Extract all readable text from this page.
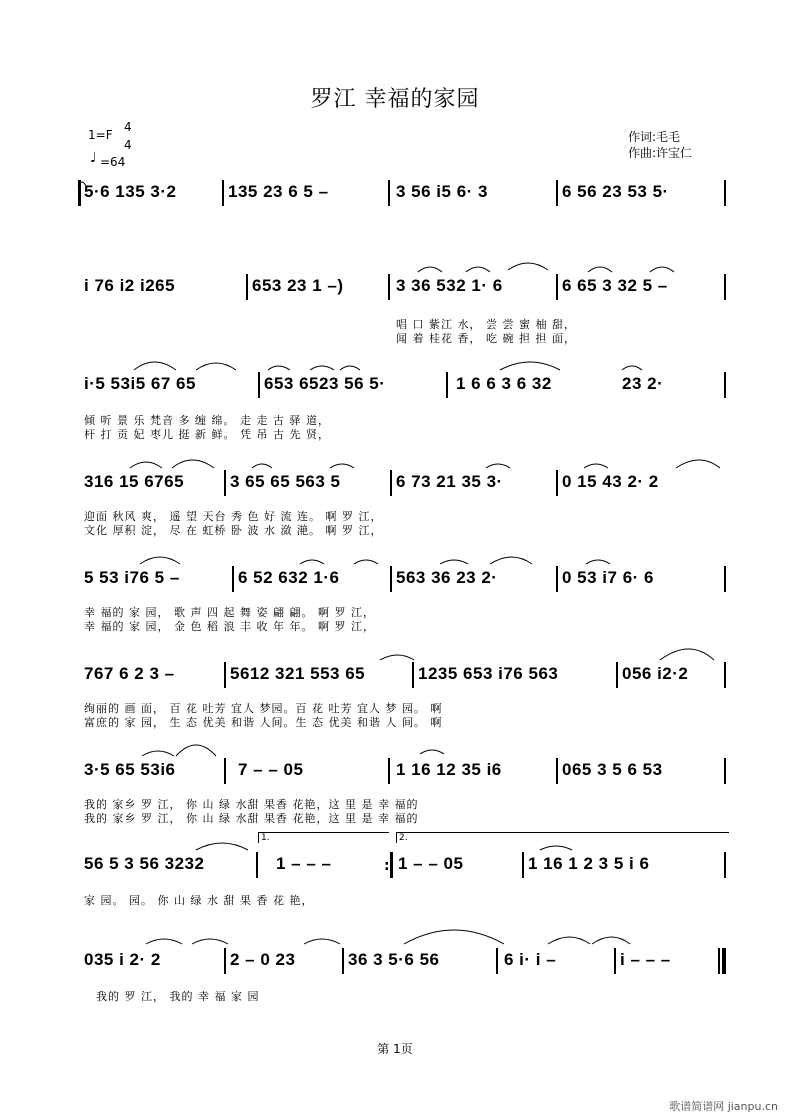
罗江 幸福的家园
1=F
4
4
♩ =64
作词:毛毛
作曲:许宝仁
5·6 135 3·2	135 23 6 5 –	3 56 i5 6· 3	6 56 23 53 5·
i 76 i2 i265	653 23 1 –)	3 36 532 1· 6	6 65 3 32 5 –
唱 口 紫江 水， 尝 尝 蜜 柚 甜，
闻 着 桂花 香， 吃 碗 担 担 面，
i·5 53i5 67 65	653 6523 56 5·	1 6 6 3 6 32	23 2·
倾 听 景 乐 梵音 多 缠 绵。 走 走 古 驿 道，
杆 打 贡 妃 枣儿 挺 新 鲜。 凭 吊 古 先 贤，
316 15 6765	3 65 65 563 5	6 73 21 35 3·	0 15 43 2· 2
迎面 秋风 爽， 遥 望 天台 秀 色 好 流 连。 啊 罗 江，
文化 厚积 淀， 尽 在 虹桥 卧 波 水 潋 滟。 啊 罗 江，
5 53 i76 5 –	6 52 632 1·6	563 36 23 2·	0 53 i7 6· 6
幸 福的 家 园， 歌 声 四 起 舞 姿 翩 翩。 啊 罗 江，
幸 福的 家 园， 金 色 稻 浪 丰 收 年 年。 啊 罗 江，
767 6 2 3 –	5612 321 553 65	1235 653 i76 563	056 i2·2
绚丽的 画 面， 百 花 吐芳 宜人 梦园。百 花 吐芳 宜人 梦 园。 啊
富庶的 家 园， 生 态 优美 和谐 人间。生 态 优美 和谐 人 间。 啊
3·5 65 53i6	7 – – 05	1 16 12 35 i6	065 3 5 6 53
我的 家乡 罗 江， 你 山 绿 水甜 果香 花艳，这 里 是 幸 福的
我的 家乡 罗 江， 你 山 绿 水甜 果香 花艳，这 里 是 幸 福的
1.	2.
56 5 3 56 3232	1 – – –	: 1 – – 05	1 16 1 2 3 5 i 6
家 园。 园。 你 山 绿 水 甜 果 香 花 艳，
035 i 2· 2	2 – 0 23	36 3 5·6 56	6 i· i –	i – – –
我的 罗 江， 我的 幸 福 家 园
第 1页
歌谱简谱网 jianpu.cn
